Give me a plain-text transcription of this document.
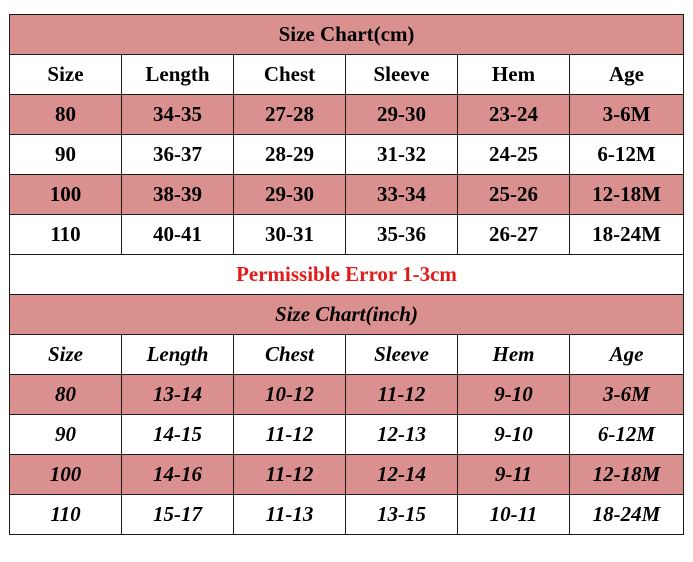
Size Chart(cm)					
Size	Length	Chest	Sleeve	Hem	Age
80	34-35	27-28	29-30	23-24	3-6M
90	36-37	28-29	31-32	24-25	6-12M
100	38-39	29-30	33-34	25-26	12-18M
110	40-41	30-31	35-36	26-27	18-24M
Permissible Error 1-3cm					
Size Chart(inch)					
Size	Length	Chest	Sleeve	Hem	Age
80	13-14	10-12	11-12	9-10	3-6M
90	14-15	11-12	12-13	9-10	6-12M
100	14-16	11-12	12-14	9-11	12-18M
110	15-17	11-13	13-15	10-11	18-24M
